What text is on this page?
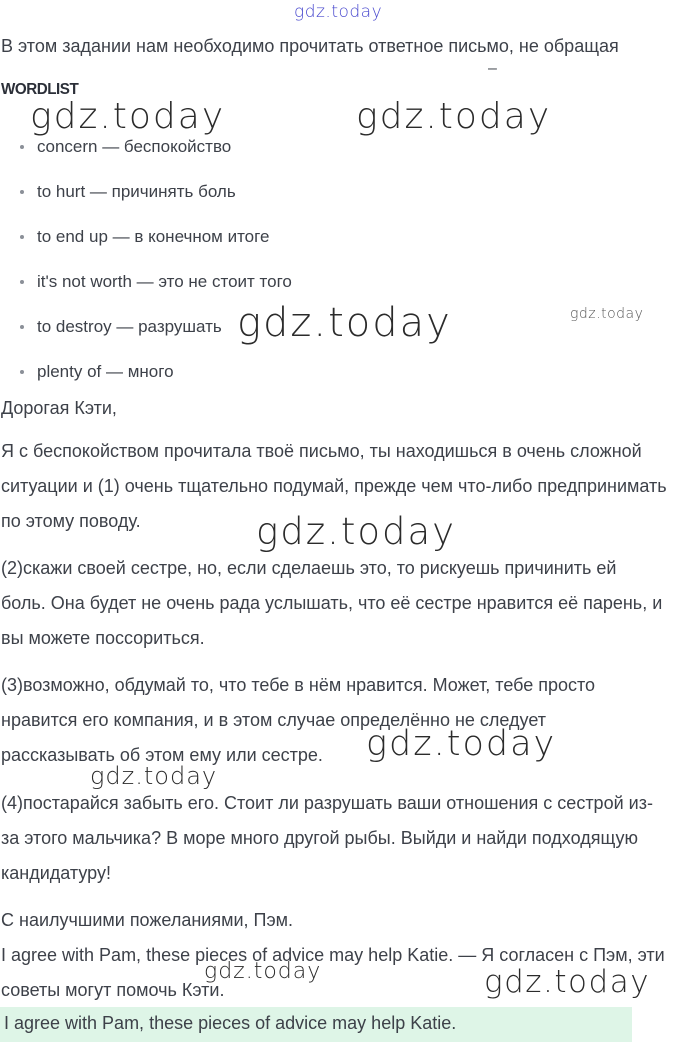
gdz.today
В этом задании нам необходимо прочитать ответное письмо, не обращая
–
WORDLIST
gdz.today	gdz.today
concern — беспокойство
to hurt — причинять боль
to end up — в конечном итоге
it's not worth — это не стоит того
to destroy — разрушать
plenty of — много
gdz.today	gdz.today
Дорогая Кэти,
Я с беспокойством прочитала твоё письмо, ты находишься в очень сложной
ситуации и (1) очень тщательно подумай, прежде чем что-либо предпринимать
по этому поводу.	gdz.today
(2)скажи своей сестре, но, если сделаешь это, то рискуешь причинить ей
боль. Она будет не очень рада услышать, что её сестре нравится её парень, и
вы можете поссориться.
(3)возможно, обдумай то, что тебе в нём нравится. Может, тебе просто
нравится его компания, и в этом случае определённо не следует
рассказывать об этом ему или сестре.	gdz.today
gdz.today
(4)постарайся забыть его. Стоит ли разрушать ваши отношения с сестрой из-
за этого мальчика? В море много другой рыбы. Выйди и найди подходящую
кандидатуру!
С наилучшими пожеланиями, Пэм.
I agree with Pam, these pieces of advice may help Katie. — Я согласен с Пэм, эти
советы могут помочь Кэти.
gdz.today	gdz.today
I agree with Pam, these pieces of advice may help Katie.
